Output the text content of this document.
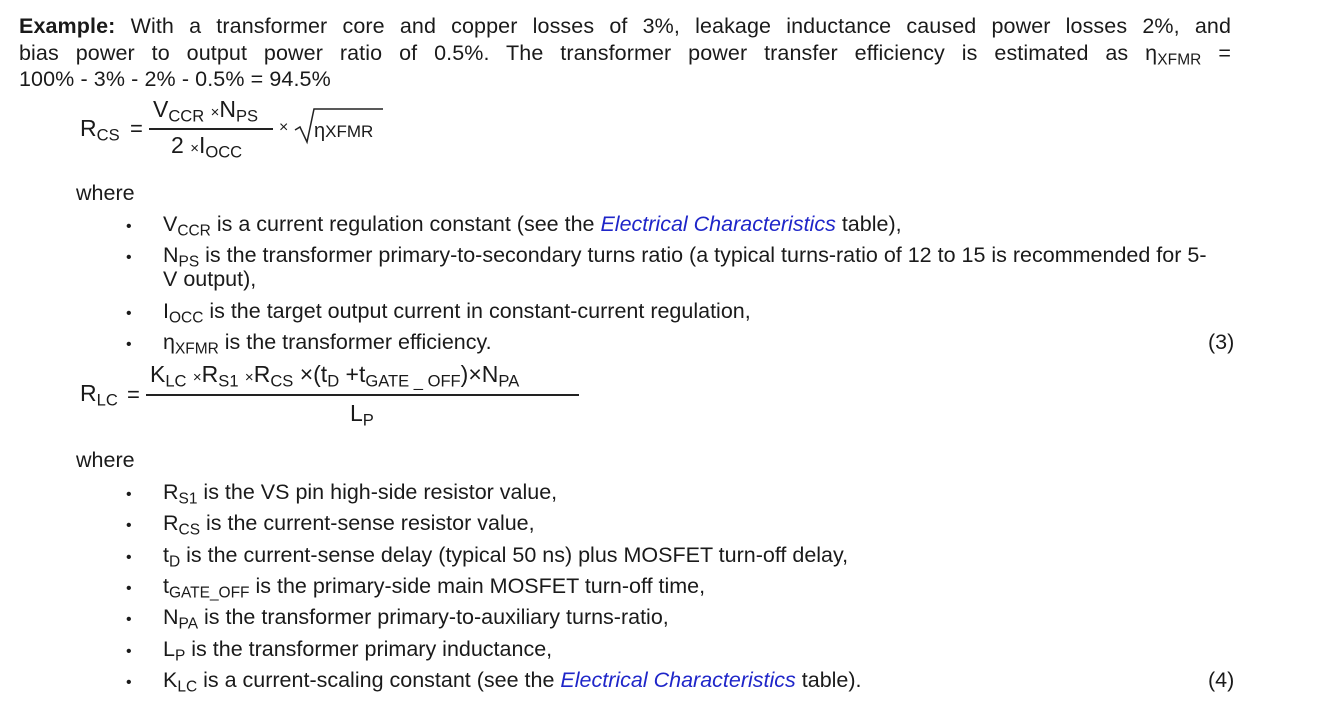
Example: With a transformer core and copper losses of 3%, leakage inductance caused power losses 2%, and
bias power to output power ratio of 0.5%. The transformer power transfer efficiency is estimated as $\eta_{XFMR}$ =
100% - 3% - 2% - 0.5% = 94.5%
$R_{CS}$ =
$V_{CCR} \times N_{PS}$
$2 \times I_{OCC}$
× ηXFMR
where
• $V_{CCR}$ is a current regulation constant (see the Electrical Characteristics table),
• $N_{PS}$ is the transformer primary-to-secondary turns ratio (a typical turns-ratio of 12 to 15 is recommended for 5-
V output),
• $I_{OCC}$ is the target output current in constant-current regulation,
• $\eta_{XFMR}$ is the transformer efficiency.	(3)
$R_{LC}$ =
$K_{LC} \times R_{S1} \times R_{CS} \times(t_D +t_{GATE \_ OFF})\times N_{PA}$
$L_P$
where
• $R_{S1}$ is the VS pin high-side resistor value,
• $R_{CS}$ is the current-sense resistor value,
• $t_D$ is the current-sense delay (typical 50 ns) plus MOSFET turn-off delay,
• $t_{GATE\_OFF}$ is the primary-side main MOSFET turn-off time,
• $N_{PA}$ is the transformer primary-to-auxiliary turns-ratio,
• $L_P$ is the transformer primary inductance,
• $K_{LC}$ is a current-scaling constant (see the Electrical Characteristics table).	(4)
